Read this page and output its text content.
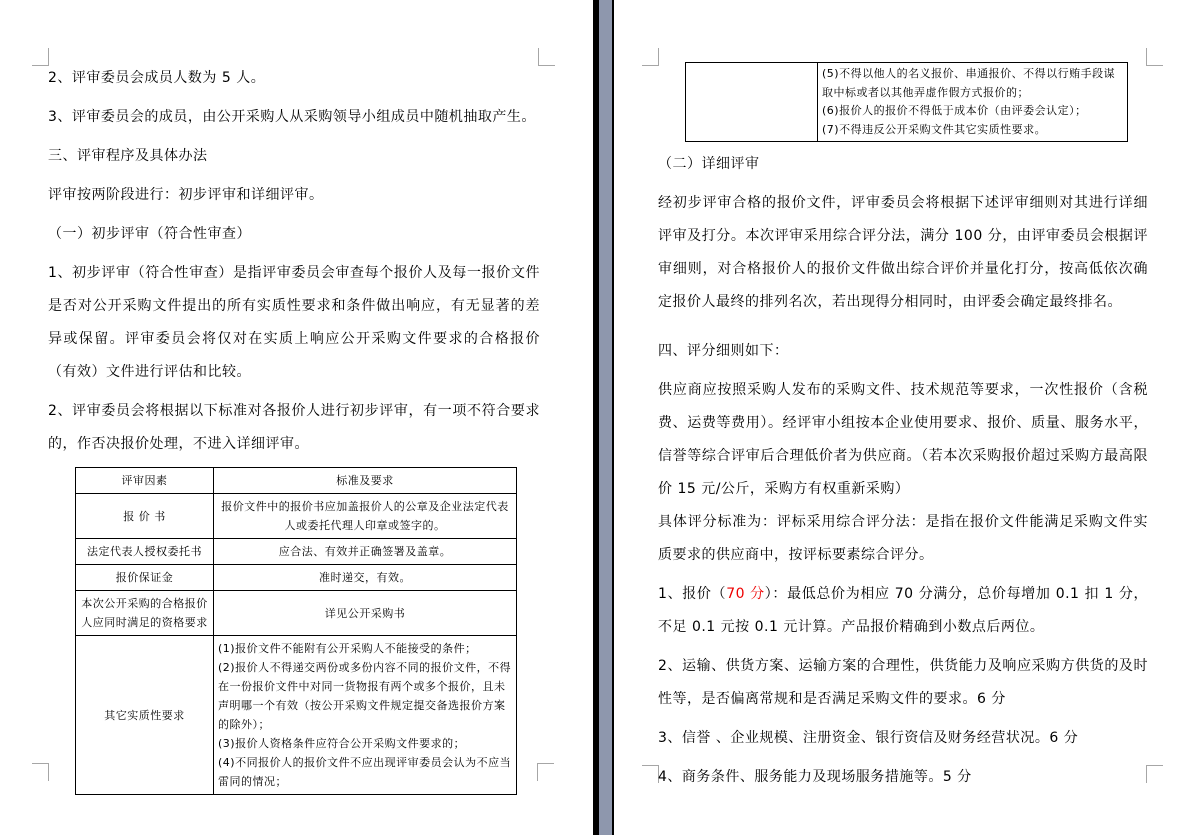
2、评审委员会成员人数为 5 人。

3、评审委员会的成员，由公开采购人从采购领导小组成员中随机抽取产生。

三、评审程序及具体办法

评审按两阶段进行：初步评审和详细评审。

（一）初步评审（符合性审查）

1、初步评审（符合性审查）是指评审委员会审查每个报价人及每一报价文件是否对公开采购文件提出的所有实质性要求和条件做出响应，有无显著的差异或保留。评审委员会将仅对在实质上响应公开采购文件要求的合格报价（有效）文件进行评估和比较。

2、评审委员会将根据以下标准对各报价人进行初步评审，有一项不符合要求的，作否决报价处理，不进入详细评审。

评审因素	标准及要求
报 价 书	报价文件中的报价书应加盖报价人的公章及企业法定代表人或委托代理人印章或签字的。
法定代表人授权委托书	应合法、有效并正确签署及盖章。
报价保证金	准时递交，有效。
本次公开采购的合格报价人应同时满足的资格要求	详见公开采购书
其它实质性要求	(1)报价文件不能附有公开采购人不能接受的条件；
(2)报价人不得递交两份或多份内容不同的报价文件，不得在一份报价文件中对同一货物报有两个或多个报价，且未声明哪一个有效（按公开采购文件规定提交备选报价方案的除外）；
(3)报价人资格条件应符合公开采购文件要求的；
(4)不同报价人的报价文件不应出现评审委员会认为不应当雷同的情况；

(5)不得以他人的名义报价、串通报价、不得以行贿手段谋取中标或者以其他弄虚作假方式报价的；
(6)报价人的报价不得低于成本价（由评委会认定）；
(7)不得违反公开采购文件其它实质性要求。
（二）详细评审

经初步评审合格的报价文件，评审委员会将根据下述评审细则对其进行详细评审及打分。本次评审采用综合评分法，满分 100 分，由评审委员会根据评审细则，对合格报价人的报价文件做出综合评价并量化打分，按高低依次确定报价人最终的排列名次，若出现得分相同时，由评委会确定最终排名。

四、评分细则如下：

供应商应按照采购人发布的采购文件、技术规范等要求，一次性报价（含税费、运费等费用）。经评审小组按本企业使用要求、报价、质量、服务水平，信誉等综合评审后合理低价者为供应商。（若本次采购报价超过采购方最高限价 15 元/公斤，采购方有权重新采购）

具体评分标准为：评标采用综合评分法：是指在报价文件能满足采购文件实质要求的供应商中，按评标要素综合评分。

1、报价（70 分）：最低总价为相应 70 分满分，总价每增加 0.1 扣 1 分，不足 0.1 元按 0.1 元计算。产品报价精确到小数点后两位。

2、运输、供货方案、运输方案的合理性，供货能力及响应采购方供货的及时性等，是否偏离常规和是否满足采购文件的要求。6 分

3、信誉 、企业规模、注册资金、银行资信及财务经营状况。6 分

4、商务条件、服务能力及现场服务措施等。5 分
